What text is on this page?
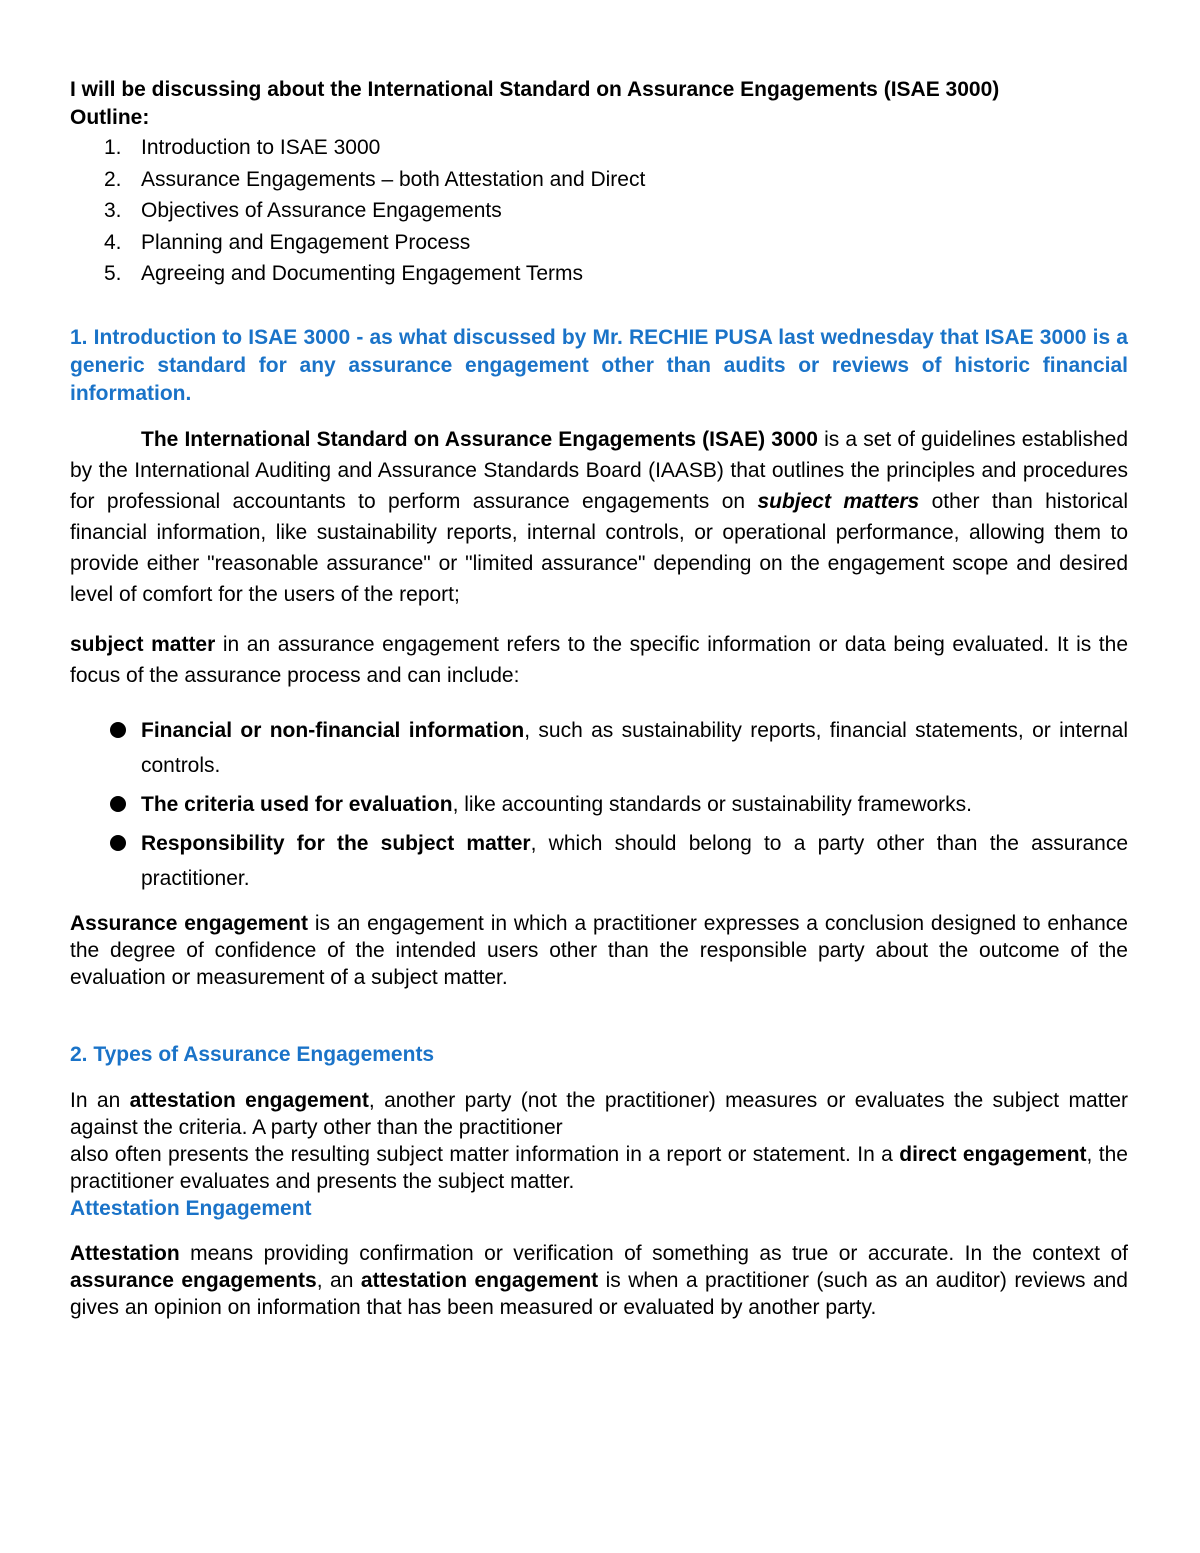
I will be discussing about the International Standard on Assurance Engagements (ISAE 3000)

Outline:

1. Introduction to ISAE 3000
2. Assurance Engagements – both Attestation and Direct
3. Objectives of Assurance Engagements
4. Planning and Engagement Process
5. Agreeing and Documenting Engagement Terms

1. Introduction to ISAE 3000 - as what discussed by Mr. RECHIE PUSA last wednesday that ISAE 3000 is a generic standard for any assurance engagement other than audits or reviews of historic financial information.

The International Standard on Assurance Engagements (ISAE) 3000 is a set of guidelines established by the International Auditing and Assurance Standards Board (IAASB) that outlines the principles and procedures for professional accountants to perform assurance engagements on subject matters other than historical financial information, like sustainability reports, internal controls, or operational performance, allowing them to provide either "reasonable assurance" or "limited assurance" depending on the engagement scope and desired level of comfort for the users of the report;

subject matter in an assurance engagement refers to the specific information or data being evaluated. It is the focus of the assurance process and can include:

Financial or non-financial information, such as sustainability reports, financial statements, or internal controls.
The criteria used for evaluation, like accounting standards or sustainability frameworks.
Responsibility for the subject matter, which should belong to a party other than the assurance practitioner.

Assurance engagement is an engagement in which a practitioner expresses a conclusion designed to enhance the degree of confidence of the intended users other than the responsible party about the outcome of the evaluation or measurement of a subject matter.

2. Types of Assurance Engagements

In an attestation engagement, another party (not the practitioner) measures or evaluates the subject matter against the criteria. A party other than the practitioner

also often presents the resulting subject matter information in a report or statement. In a direct engagement, the practitioner evaluates and presents the subject matter.

Attestation Engagement

Attestation means providing confirmation or verification of something as true or accurate. In the context of assurance engagements, an attestation engagement is when a practitioner (such as an auditor) reviews and gives an opinion on information that has been measured or evaluated by another party.
